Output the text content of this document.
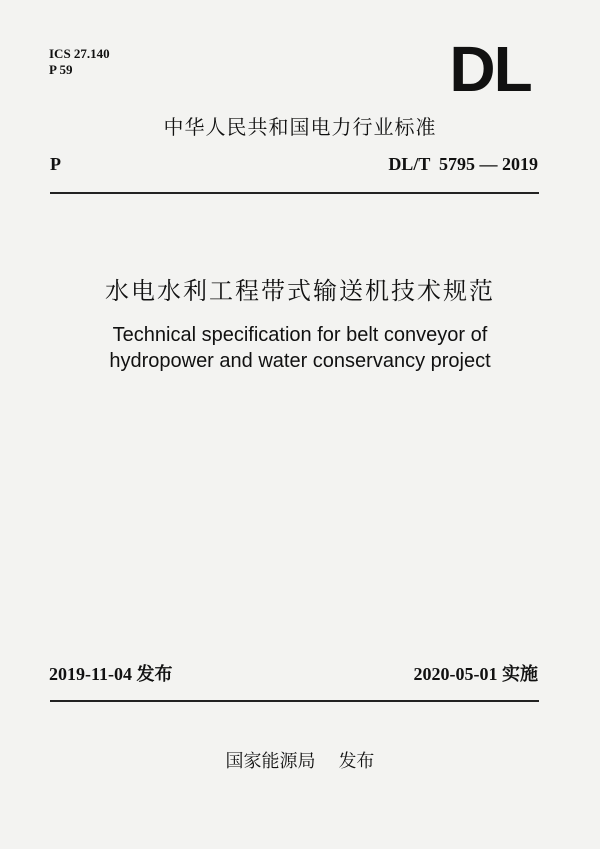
ICS 27.140
P 59	DL
中华人民共和国电力行业标准
P	DL/T  5795 — 2019
水电水利工程带式输送机技术规范
Technical specification for belt conveyor of
hydropower and water conservancy project
2019-11-04 发布	2020-05-01 实施
国家能源局 发布
